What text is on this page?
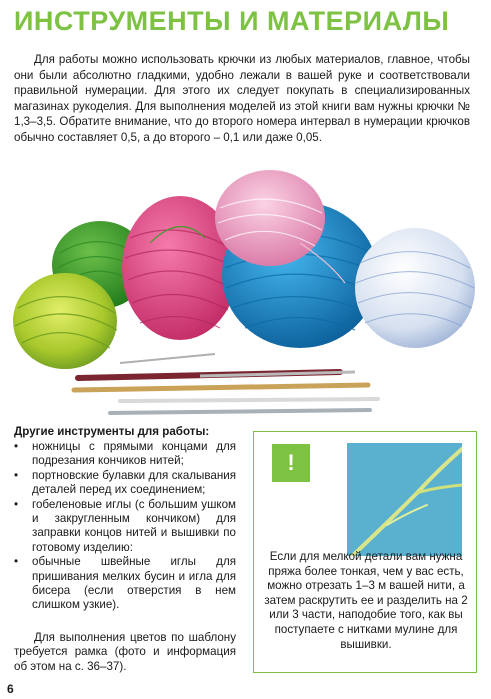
ИНСТРУМЕНТЫ И МАТЕРИАЛЫ
Для работы можно использовать крючки из любых материалов, главное, чтобы они были абсолютно гладкими, удобно лежали в вашей руке и соответствовали правильной нумерации. Для этого их следует покупать в специализированных магазинах рукоделия. Для выполнения моделей из этой книги вам нужны крючки № 1,3–3,5. Обратите внимание, что до второго номера интервал в нумерации крючков обычно составляет 0,5, а до второго – 0,1 или даже 0,05.
Другие инструменты для работы:
• ножницы с прямыми концами для подрезания кончиков нитей;
• портновские булавки для скалывания деталей перед их соединением;
• гобеленовые иглы (с большим ушком и закругленным кончиком) для заправки концов нитей и вышивки по готовому изделию:
• обычные швейные иглы для пришивания мелких бусин и игла для бисера (если отверстия в нем слишком узкие).
Для выполнения цветов по шаблону требуется рамка (фото и информация об этом на с. 36–37).
!
Если для мелкой детали вам нужна пряжа более тонкая, чем у вас есть, можно отрезать 1–3 м вашей нити, а затем раскрутить ее и разделить на 2 или 3 части, наподобие того, как вы поступаете с нитками мулине для вышивки.
6
